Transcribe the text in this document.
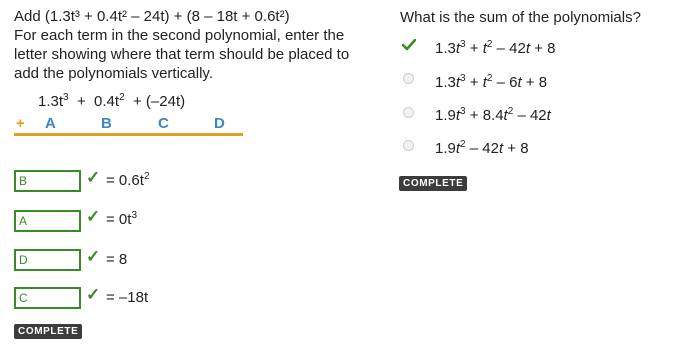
Add (1.3t³ + 0.4t² – 24t) + (8 – 18t + 0.6t²)
For each term in the second polynomial, enter the
letter showing where that term should be placed to
add the polynomials vertically.
$1.3t^3 + 0.4t^2 + (-24t)$
+ A	B	C	D
B	✓ = $0.6t^2$
A	✓ = $0t^3$
D	✓ = 8
C	✓ = –18t
COMPLETE
What is the sum of the polynomials?
$1.3t^3 + t^2 - 42t + 8$
$1.3t^3 + t^2 - 6t + 8$
$1.9t^3 + 8.4t^2 - 42t$
$1.9t^2 - 42t + 8$
COMPLETE
